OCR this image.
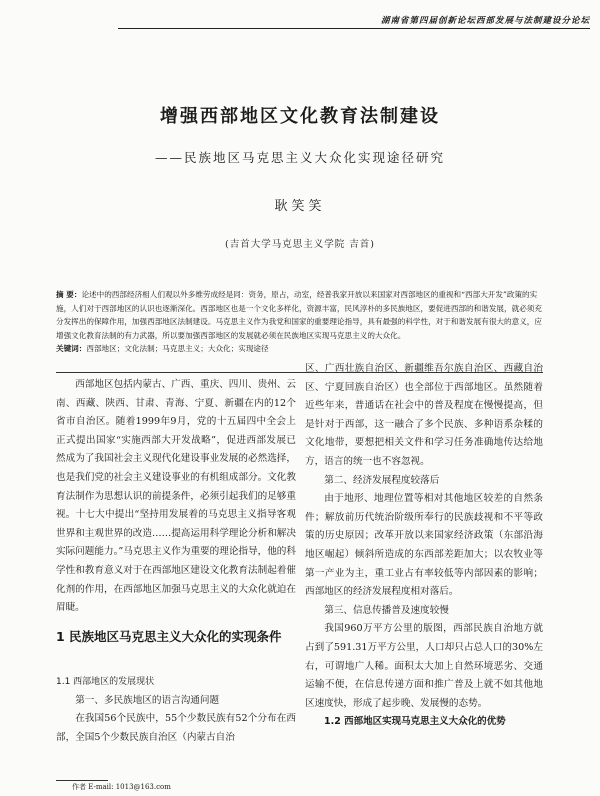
湖南省第四届创新论坛西部发展与法制建设分论坛
增强西部地区文化教育法制建设
——民族地区马克思主义大众化实现途径研究
耿笑笑
(吉首大学马克思主义学院 吉首)
摘 要：论述中的西部经济相人们观以外多维劳成经是同：资务，原占，动室，经普我家开放以来国家对西部地区的重视和“西部大开发”政策的实施，人们对于西部地区的认识也逐渐深化。西部地区也是一个文化多样化，资源丰富，民风淳朴的多民族地区，要促进西部的和谐发展，就必须充分发挥出的保障作用，加强西部地区法制建设。马克思主义作为我党和国家的重要理论指导，具有最强的科学性，对于和谐发展有很大的意义，应增强文化教育法制的有力武器，所以要加强西部地区的发展就必须在民族地区实现马克思主义的大众化。
关键词：西部地区；文化法制；马克思主义；大众化；实现途径

西部地区包括内蒙古、广西、重庆、四川、贵州、云南、西藏、陕西、甘肃、青海、宁夏、新疆在内的12个省市自治区。随着1999年9月，党的十五届四中全会上正式提出国家“实施西部大开发战略”，促进西部发展已然成为了我国社会主义现代化建设事业发展的必然选择，也是我们党的社会主义建设事业的有机组成部分。文化教育法制作为思想认识的前提条件，必须引起我们的足够重视。十七大中提出“坚持用发展着的马克思主义指导客观世界和主观世界的改造……提高运用科学理论分析和解决实际问题能力。”马克思主义作为重要的理论指导，他的科学性和教育意义对于在西部地区建设文化教育法制起着催化剂的作用，在西部地区加强马克思主义的大众化就迫在眉睫。

1 民族地区马克思主义大众化的实现条件

1.1 西部地区的发展现状

第一、多民族地区的语言沟通问题

在我国56个民族中，55个少数民族有52个分布在西部，全国5个少数民族自治区（内蒙古自治

区、广西壮族自治区、新疆维吾尔族自治区、西藏自治区、宁夏回族自治区）也全部位于西部地区。虽然随着近些年来，普通话在社会中的普及程度在慢慢提高，但是针对于西部，这一融合了多个民族、多种语系杂糅的文化地带，要想把相关文件和学习任务准确地传达给地方，语言的统一也不容忽视。

第二、经济发展程度较落后

由于地形、地理位置等相对其他地区较差的自然条件；解放前历代统治阶级所奉行的民族歧视和不平等政策的历史原因；改革开放以来国家经济政策（东部沿海地区崛起）倾斜所造成的东西部差距加大；以农牧业等第一产业为主，重工业占有率较低等内部因素的影响；西部地区的经济发展程度相对落后。

第三、信息传播普及速度较慢

我国960万平方公里的版图，西部民族自治地方就占到了591.31万平方公里，人口却只占总人口的30%左右，可谓地广人稀。面积太大加上自然环境恶劣、交通运输不便，在信息传递方面和推广普及上就不如其他地区速度快，形成了起步晚、发展慢的态势。

1.2 西部地区实现马克思主义大众化的优势

作者 E-mail: 1013@163.com
